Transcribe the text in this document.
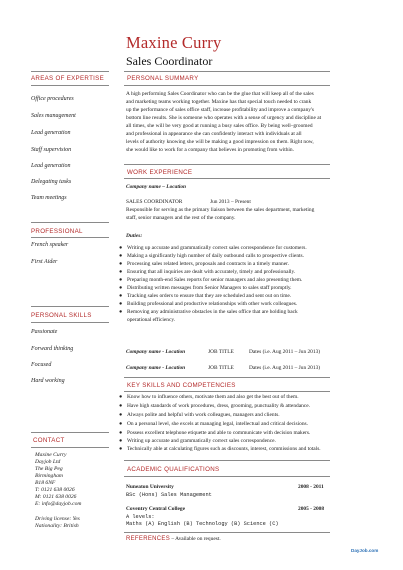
Maxine Curry
Sales Coordinator
AREAS OF EXPERTISE
Office procedures
Sales management
Lead generation
Staff supervision
Lead generation
Delegating tasks
Team meetings
PROFESSIONAL
French speaker
First Aider
PERSONAL SKILLS
Passionate
Forward thinking
Focused
Hard working
CONTACT
Maxine Curry
Dayjob Ltd
The Big Peg
Birmingham
B18 6NF
T: 0121 638 0026
M: 0121 638 0026
E: info@dayjob.com
Driving license: Yes
Nationality: British
PERSONAL SUMMARY
A high performing Sales Coordinator who can be the glue that will keep all of the sales
and marketing teams working together. Maxine has that special touch needed to crank
up the performance of sales office staff, increase profitability and improve a company's
bottom line results. She is someone who operates with a sense of urgency and discipline at
all times, she will be very good at running a busy sales office. By being well–groomed
and professional in appearance she can confidently interact with individuals at all
levels of authority knowing she will be making a good impression on them. Right now,
she would like to work for a company that believes in promoting from within.
WORK EXPERIENCE
Company name – Location
SALES COORDINATOR	Jun 2013 – Present
Responsible for serving as the primary liaison between the sales department, marketing
staff, senior managers and the rest of the company.
Duties:
● Writing up accurate and grammatically correct sales correspondence for customers.
● Making a significantly high number of daily outbound calls to prospective clients.
● Processing sales related letters, proposals and contracts in a timely manner.
● Ensuring that all inquiries are dealt with accurately, timely and professionally.
● Preparing month-end Sales reports for senior managers and also presenting them.
● Distributing written messages from Senior Managers to sales staff promptly.
● Tracking sales orders to ensure that they are scheduled and sent out on time.
● Building professional and productive relationships with other work colleagues.
● Removing any administrative obstacles in the sales office that are holding back
operational efficiency.
Company name - Location	JOB TITLE	Dates (i.e. Aug 2011 – Jun 2013)
Company name - Location	JOB TITLE	Dates (i.e. Aug 2011 – Jun 2013)
KEY SKILLS AND COMPETENCIES
● Know how to influence others, motivate them and also get the best out of them.
● Have high standards of work procedures, dress, grooming, punctuality & attendance.
● Always polite and helpful with work colleagues, managers and clients.
● On a personal level, she excels at managing legal, intellectual and critical decisions.
● Possess excellent telephone etiquette and able to communicate with decision makers.
● Writing up accurate and grammatically correct sales correspondence.
● Technically able at calculating figures such as discounts, interest, commissions and totals.
ACADEMIC QUALIFICATIONS
Nuneaton University	2008 - 2011
BSc (Hons) Sales Management
Coventry Central College	2005 - 2008
A levels:
Maths (A) English (B) Technology (B) Science (C)
REFERENCES – Available on request.
DayJob.com
